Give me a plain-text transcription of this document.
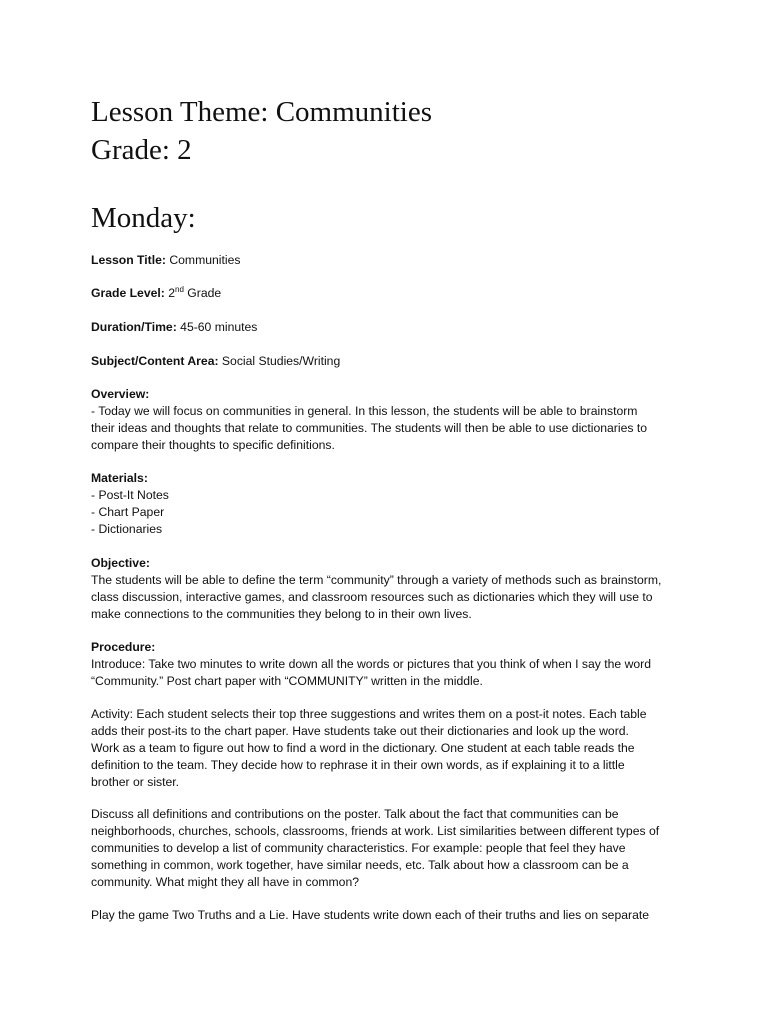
Lesson Theme: Communities
Grade: 2
Monday:
Lesson Title: Communities
Grade Level: 2nd Grade
Duration/Time: 45-60 minutes
Subject/Content Area: Social Studies/Writing
Overview:
- Today we will focus on communities in general. In this lesson, the students will be able to brainstorm
their ideas and thoughts that relate to communities. The students will then be able to use dictionaries to
compare their thoughts to specific definitions.
Materials:
- Post-It Notes
- Chart Paper
- Dictionaries
Objective:
The students will be able to define the term “community” through a variety of methods such as brainstorm,
class discussion, interactive games, and classroom resources such as dictionaries which they will use to
make connections to the communities they belong to in their own lives.
Procedure:
Introduce: Take two minutes to write down all the words or pictures that you think of when I say the word
“Community.” Post chart paper with “COMMUNITY” written in the middle.
Activity: Each student selects their top three suggestions and writes them on a post-it notes. Each table
adds their post-its to the chart paper. Have students take out their dictionaries and look up the word.
Work as a team to figure out how to find a word in the dictionary. One student at each table reads the
definition to the team. They decide how to rephrase it in their own words, as if explaining it to a little
brother or sister.
Discuss all definitions and contributions on the poster. Talk about the fact that communities can be
neighborhoods, churches, schools, classrooms, friends at work. List similarities between different types of
communities to develop a list of community characteristics. For example: people that feel they have
something in common, work together, have similar needs, etc. Talk about how a classroom can be a
community. What might they all have in common?
Play the game Two Truths and a Lie. Have students write down each of their truths and lies on separate
